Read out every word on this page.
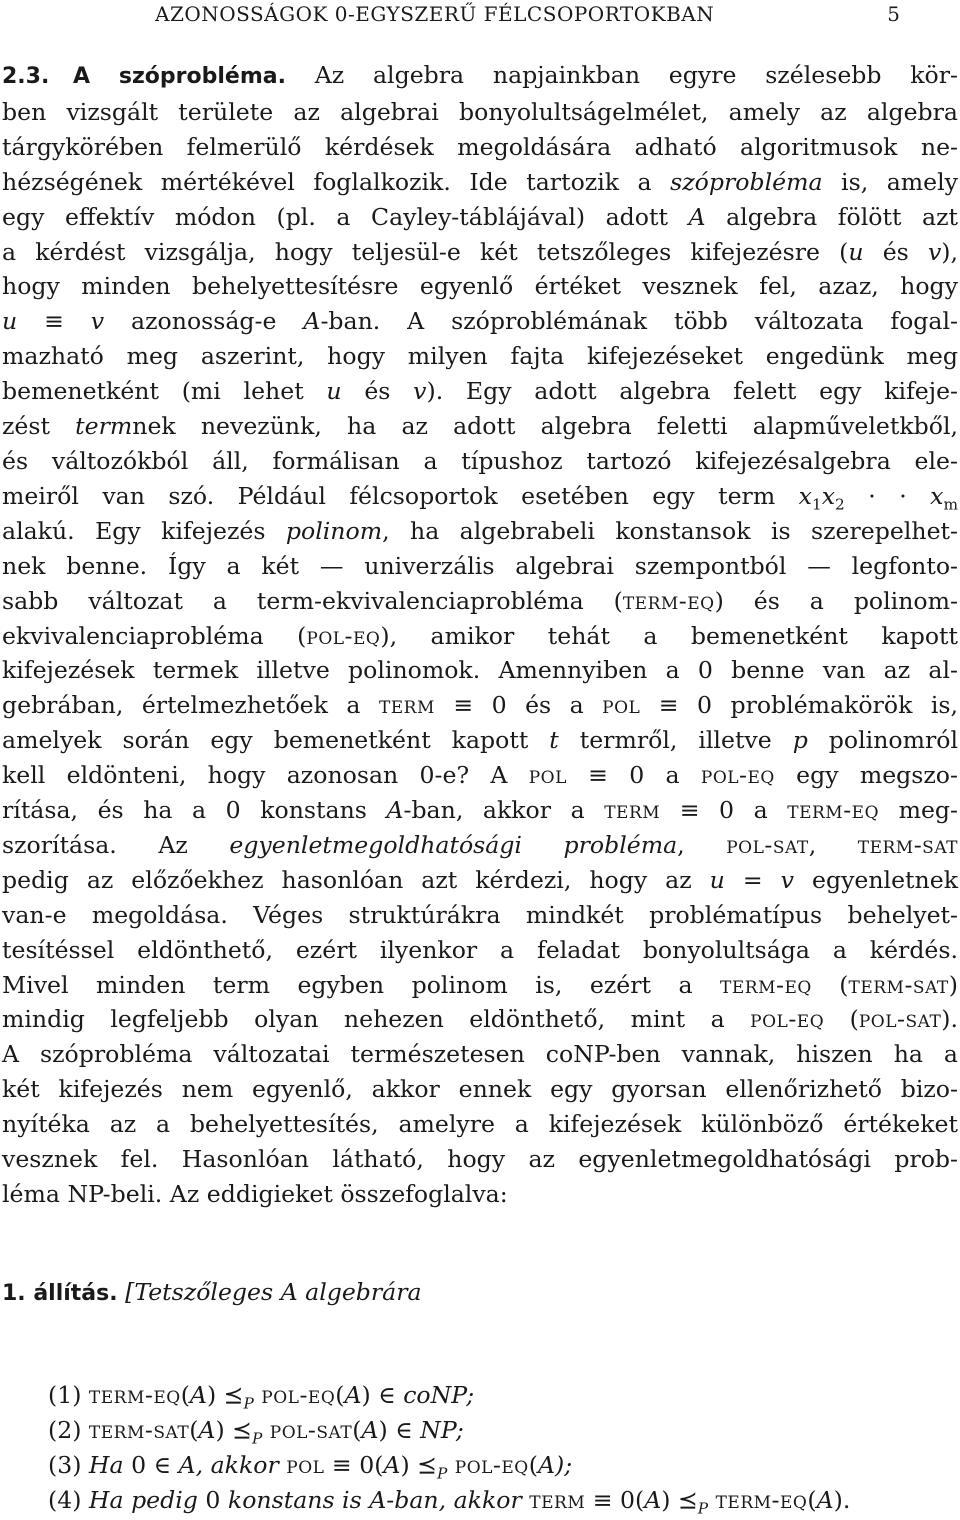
AZONOSSÁGOK 0-EGYSZERŰ FÉLCSOPORTOKBAN	5
2.3.  A szóprobléma. Az algebra napjainkban egyre szélesebb kör-
ben vizsgált területe az algebrai bonyolultságelmélet, amely az algebra
tárgykörében felmerülő kérdések megoldására adható algoritmusok ne-
hézségének mértékével foglalkozik. Ide tartozik a szóprobléma is, amely
egy effektív módon (pl. a Cayley-táblájával) adott A algebra fölött azt
a kérdést vizsgálja, hogy teljesül-e két tetszőleges kifejezésre (u és v),
hogy minden behelyettesítésre egyenlő értéket vesznek fel, azaz, hogy
u ≡ v azonosság-e A-ban. A szóproblémának több változata fogal-
mazható meg aszerint, hogy milyen fajta kifejezéseket engedünk meg
bemenetként (mi lehet u és v). Egy adott algebra felett egy kifeje-
zést termnek nevezünk, ha az adott algebra feletti alapműveletkből,
és változókból áll, formálisan a típushoz tartozó kifejezésalgebra ele-
meiről van szó. Például félcsoportok esetében egy term $x_1x_2$ · · $x_m$
alakú. Egy kifejezés polinom, ha algebrabeli konstansok is szerepelhet-
nek benne. Így a két — univerzális algebrai szempontból — legfonto-
sabb változat a term-ekvivalenciaprobléma (term-eq) és a polinom-
ekvivalenciaprobléma (pol-eq), amikor tehát a bemenetként kapott
kifejezések termek illetve polinomok. Amennyiben a 0 benne van az al-
gebrában, értelmezhetőek a term ≡ 0 és a pol ≡ 0 problémakörök is,
amelyek során egy bemenetként kapott t termről, illetve p polinomról
kell eldönteni, hogy azonosan 0-e? A pol ≡ 0 a pol-eq egy megszo-
rítása, és ha a 0 konstans A-ban, akkor a term ≡ 0 a term-eq meg-
szorítása. Az egyenletmegoldhatósági probléma, pol-sat, term-sat
pedig az előzőekhez hasonlóan azt kérdezi, hogy az u = v egyenletnek
van-e megoldása. Véges struktúrákra mindkét problématípus behelyet-
tesítéssel eldönthető, ezért ilyenkor a feladat bonyolultsága a kérdés.
Mivel minden term egyben polinom is, ezért a term-eq (term-sat)
mindig legfeljebb olyan nehezen eldönthető, mint a pol-eq (pol-sat).
A szóprobléma változatai természetesen coNP-ben vannak, hiszen ha a
két kifejezés nem egyenlő, akkor ennek egy gyorsan ellenőrizhető bizo-
nyítéka az a behelyettesítés, amelyre a kifejezések különböző értékeket
vesznek fel. Hasonlóan látható, hogy az egyenletmegoldhatósági prob-
léma NP-beli. Az eddigieket összefoglalva:
1. állítás. [Tetszőleges A algebrára
(1) term-eq(A) $⪯_P$ pol-eq(A) ∈ coNP;
(2) term-sat(A) $⪯_P$ pol-sat(A) ∈ NP;
(3) Ha 0 ∈ A, akkor pol ≡ 0(A) $⪯_P$ pol-eq(A);
(4) Ha pedig 0 konstans is A-ban, akkor term ≡ 0(A) $⪯_P$ term-eq(A).
